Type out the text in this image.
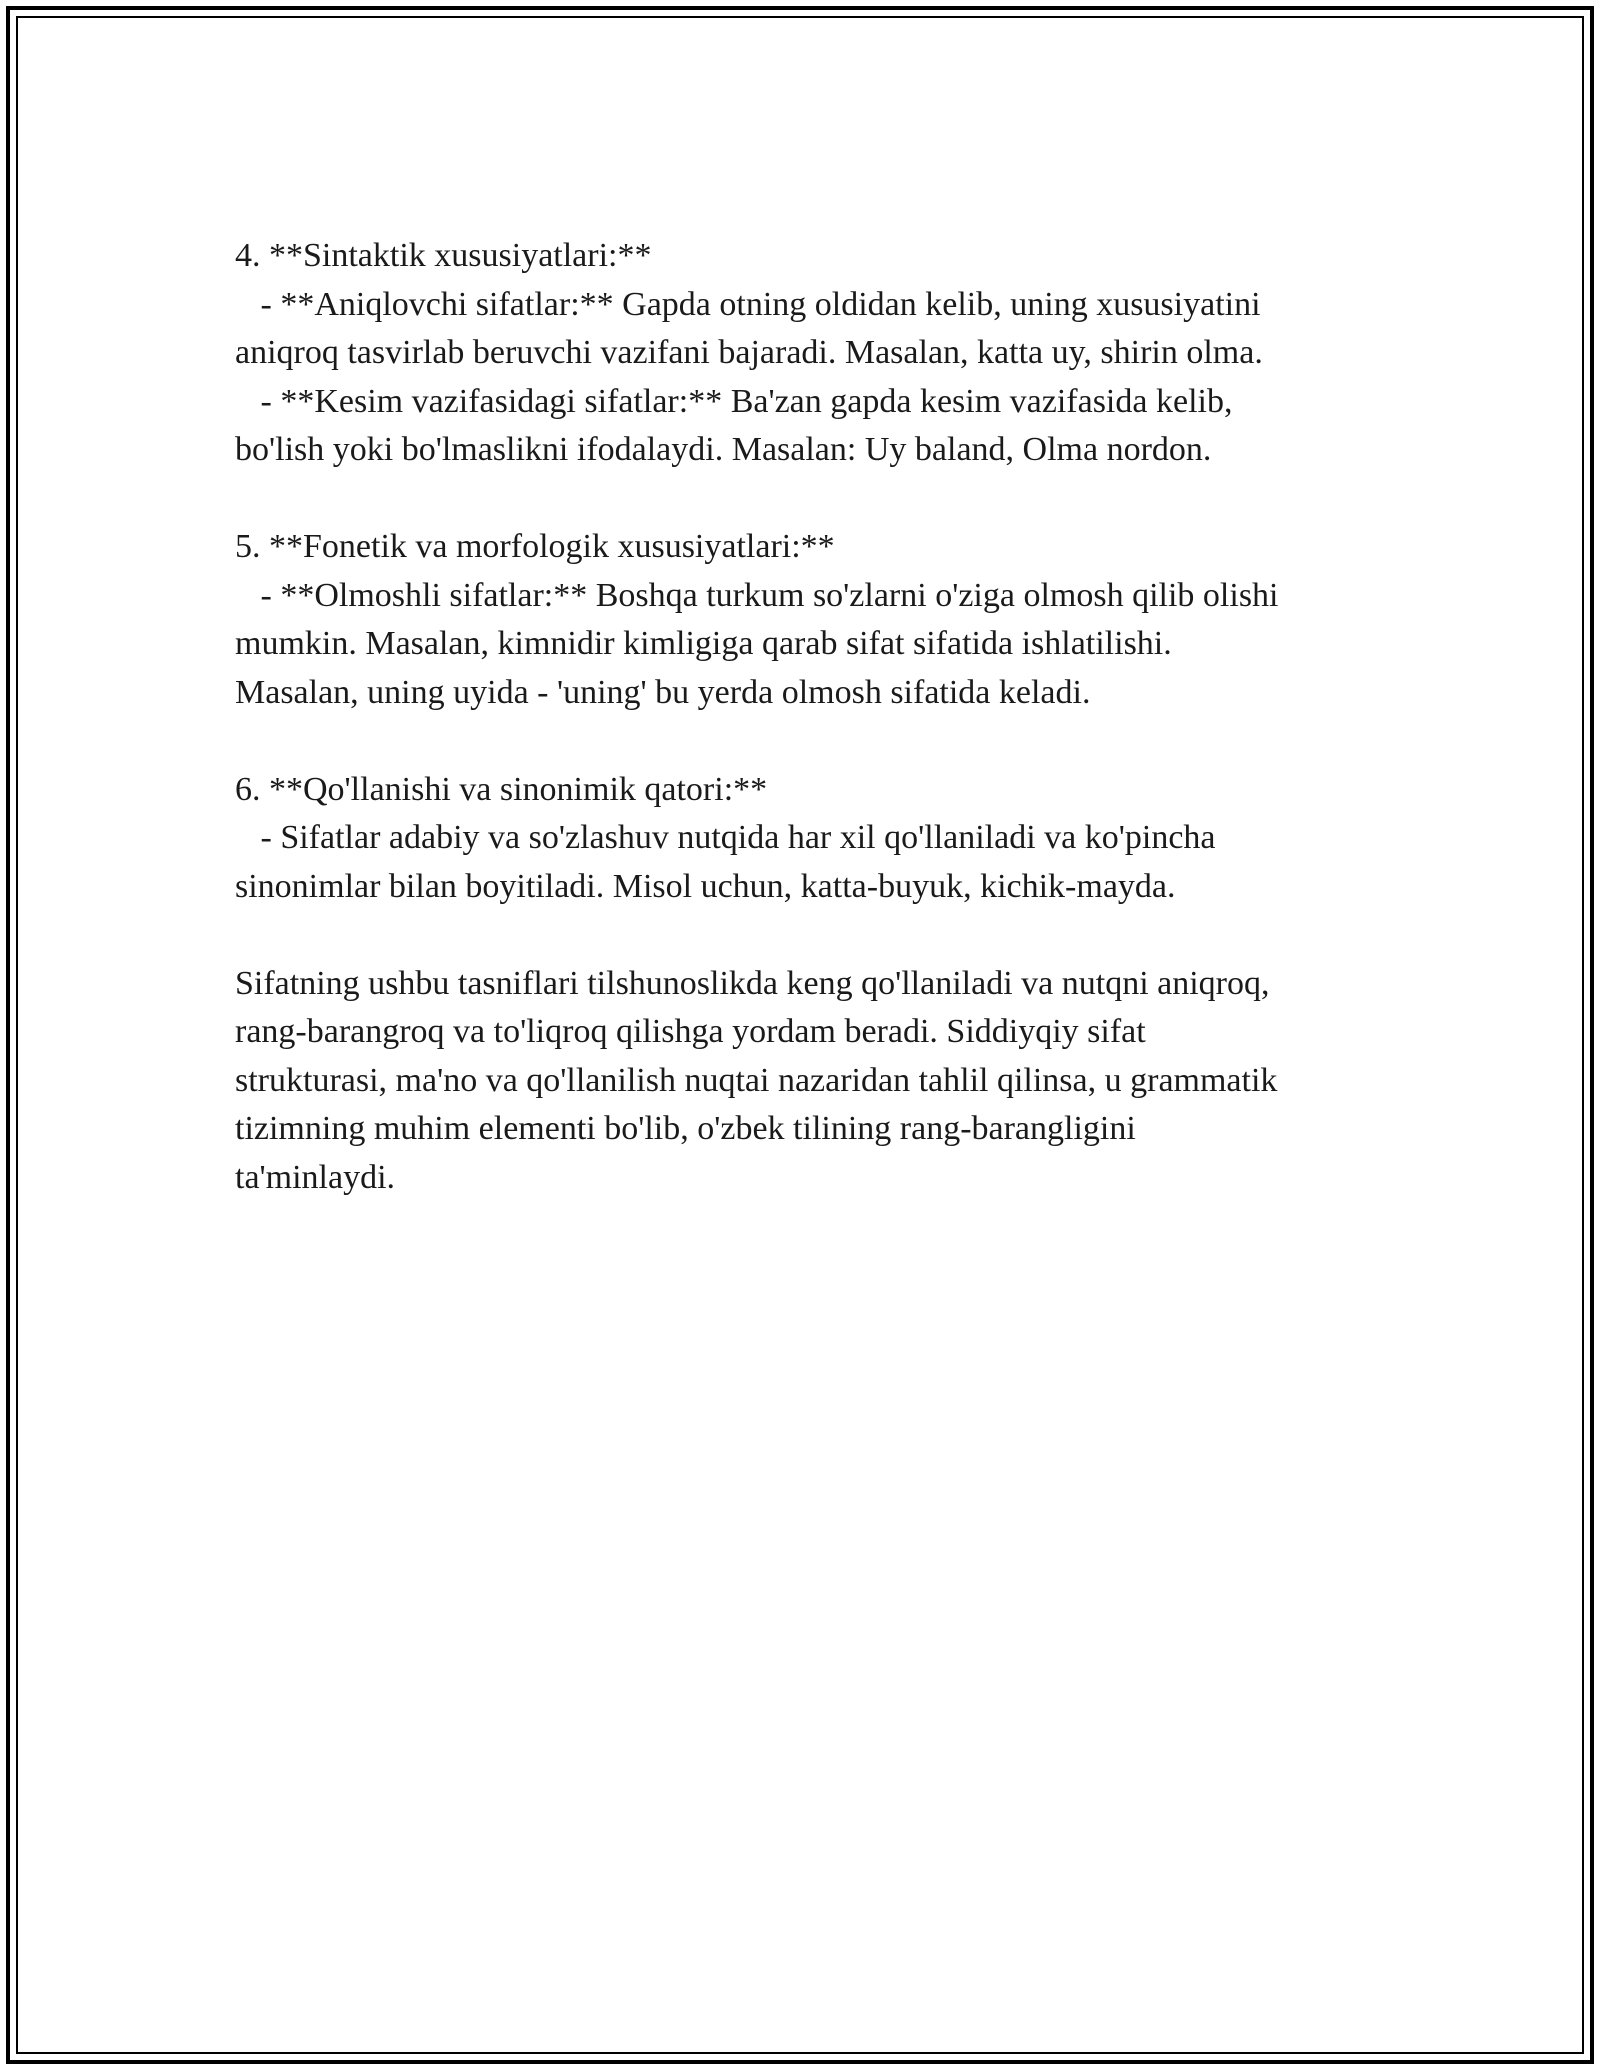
4. **Sintaktik xususiyatlari:**
- **Aniqlovchi sifatlar:** Gapda otning oldidan kelib, uning xususiyatini
aniqroq tasvirlab beruvchi vazifani bajaradi. Masalan, katta uy, shirin olma.
- **Kesim vazifasidagi sifatlar:** Ba'zan gapda kesim vazifasida kelib,
bo'lish yoki bo'lmaslikni ifodalaydi. Masalan: Uy baland, Olma nordon.
5. **Fonetik va morfologik xususiyatlari:**
- **Olmoshli sifatlar:** Boshqa turkum so'zlarni o'ziga olmosh qilib olishi
mumkin. Masalan, kimnidir kimligiga qarab sifat sifatida ishlatilishi.
Masalan, uning uyida - 'uning' bu yerda olmosh sifatida keladi.
6. **Qo'llanishi va sinonimik qatori:**
- Sifatlar adabiy va so'zlashuv nutqida har xil qo'llaniladi va ko'pincha
sinonimlar bilan boyitiladi. Misol uchun, katta-buyuk, kichik-mayda.
Sifatning ushbu tasniflari tilshunoslikda keng qo'llaniladi va nutqni aniqroq,
rang-barangroq va to'liqroq qilishga yordam beradi. Siddiyqiy sifat
strukturasi, ma'no va qo'llanilish nuqtai nazaridan tahlil qilinsa, u grammatik
tizimning muhim elementi bo'lib, o'zbek tilining rang-barangligini
ta'minlaydi.
